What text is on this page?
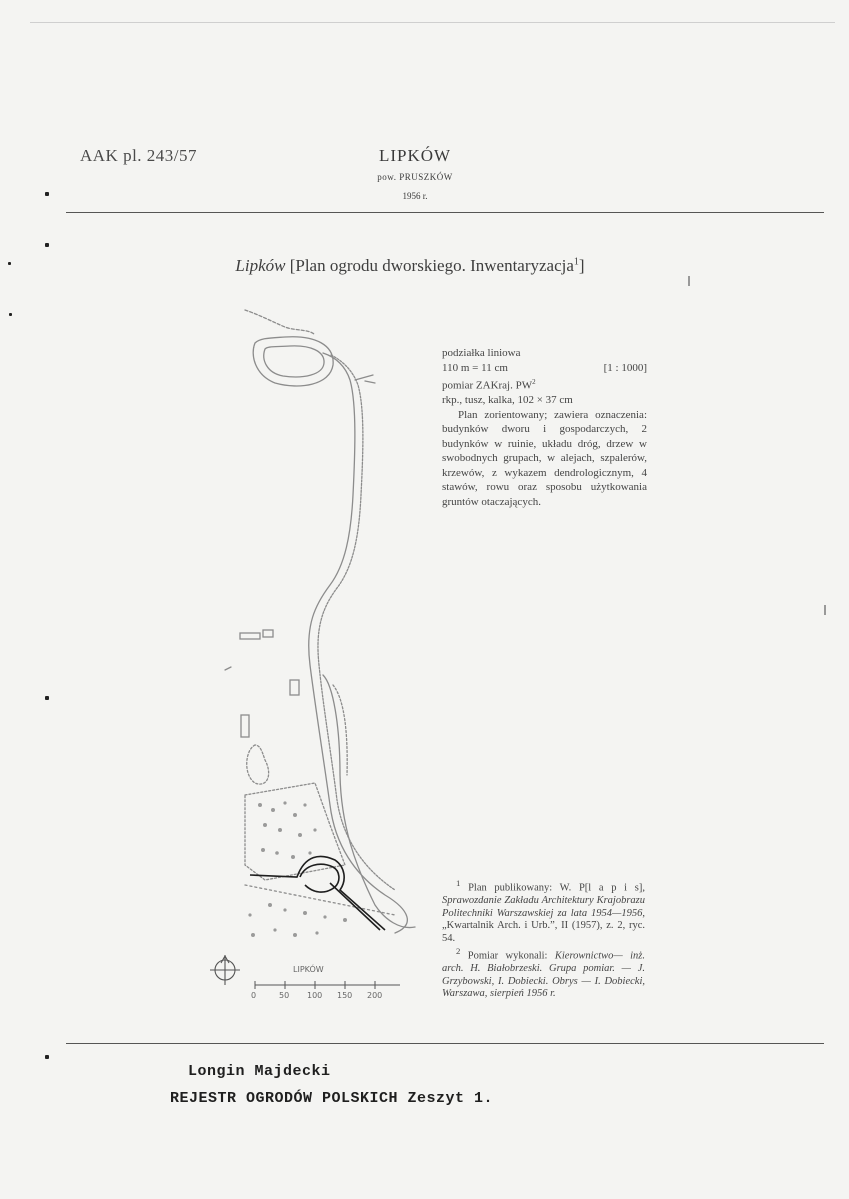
AAK pl. 243/57	LIPKÓW
pow. PRUSZKÓW
1956 r.
Lipków [Plan ogrodu dworskiego. Inwentaryzacja$^1$]
LIPKÓW
0	50 100 150 200
podziałka liniowa
110 m = 11 cm	[1 : 1000]
pomiar ZAKraj. $PW^2$
rkp., tusz, kalka, 102 × 37 cm
Plan zorientowany; zawiera oznaczenia: budynków dworu i gospodarczych, 2 budynków w ruinie, układu dróg, drzew w swobodnych grupach, w alejach, szpalerów, krzewów, z wykazem dendrologicznym, 4 stawów, rowu oraz sposobu użytkowania gruntów otaczających.

$^1$ Plan publikowany: W. P[l a p i s], Sprawozdanie Zakładu Architektury Krajobrazu Politechniki Warszawskiej za lata 1954—1956, „Kwartalnik Arch. i Urb.”, II (1957), z. 2, ryc. 54.

$^2$ Pomiar wykonali: Kierownictwo— inż. arch. H. Białobrzeski. Grupa pomiar. — J. Grzybowski, I. Dobiecki. Obrys — I. Dobiecki, Warszawa, sierpień 1956 r.

Longin Majdecki
REJESTR OGRODÓW POLSKICH Zeszyt 1.
